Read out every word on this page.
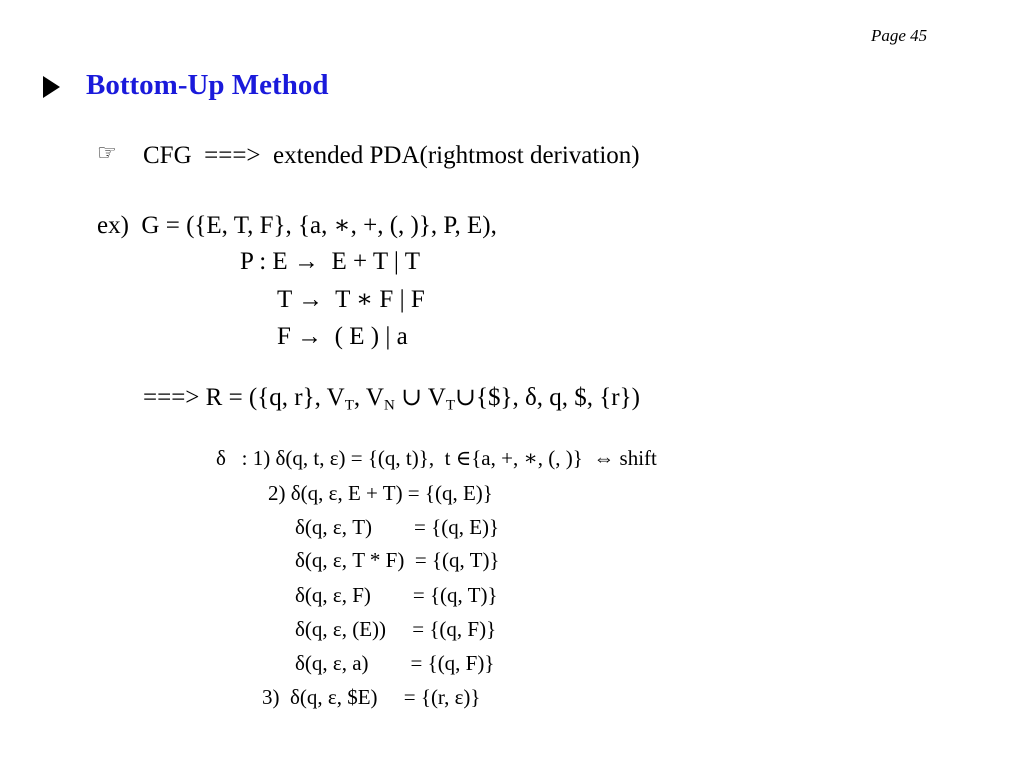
Page 45
Bottom-Up Method
☞ CFG  ===>  extended PDA(rightmost derivation)
ex)  G = ({E, T, F}, {a, ∗, +, (, )}, P, E),
P : E →  E + T | T
T →  T ∗ F | F
F →  ( E ) | a
===> R = ({q, r}, $V_T$, $V_N$ ∪ $V_T\cup\{\$\}$, δ, q, $, {r})
δ   : 1) δ(q, t, ε) = {(q, t)},  t ∈{a, +, ∗, (, )}  ⇔ shift
2) δ(q, ε, E + T) = {(q, E)}
δ(q, ε, T)        = {(q, E)}
δ(q, ε, T * F)  = {(q, T)}
δ(q, ε, F)        = {(q, T)}
δ(q, ε, (E))     = {(q, F)}
δ(q, ε, a)        = {(q, F)}
3)  δ(q, ε, $E)     = {(r, ε)}
